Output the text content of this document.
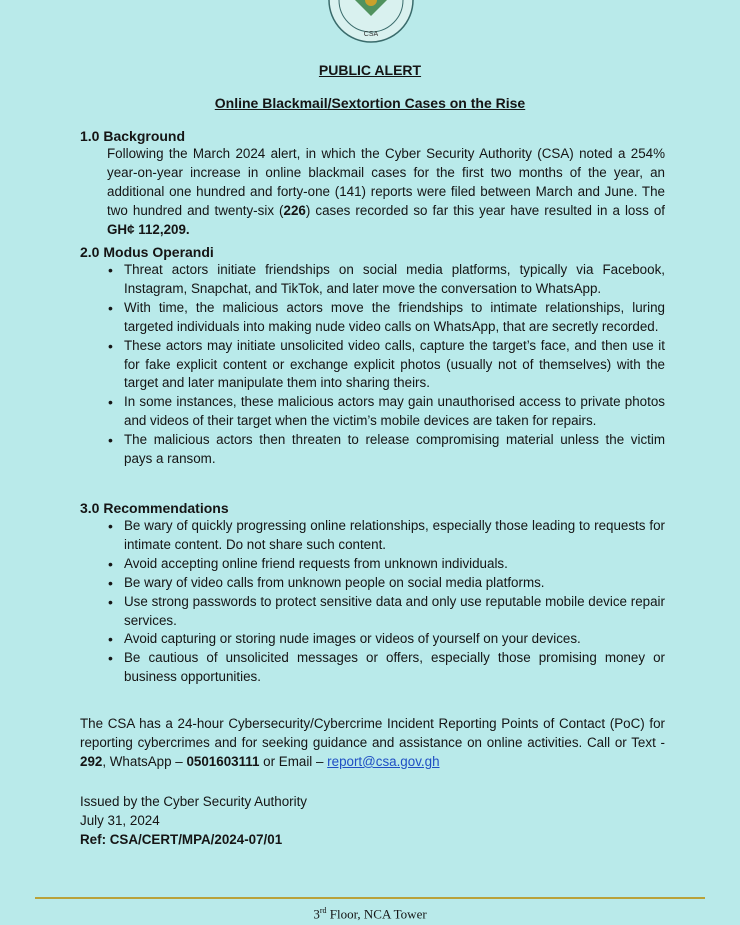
CSA
PUBLIC ALERT
Online Blackmail/Sextortion Cases on the Rise
1.0 Background

Following the March 2024 alert, in which the Cyber Security Authority (CSA) noted a 254% year-on-year increase in online blackmail cases for the first two months of the year, an additional one hundred and forty-one (141) reports were filed between March and June. The two hundred and twenty-six (226) cases recorded so far this year have resulted in a loss of GH¢ 112,209.

2.0 Modus Operandi
• Threat actors initiate friendships on social media platforms, typically via Facebook, Instagram, Snapchat, and TikTok, and later move the conversation to WhatsApp.
• With time, the malicious actors move the friendships to intimate relationships, luring targeted individuals into making nude video calls on WhatsApp, that are secretly recorded.
• These actors may initiate unsolicited video calls, capture the target’s face, and then use it for fake explicit content or exchange explicit photos (usually not of themselves) with the target and later manipulate them into sharing theirs.
• In some instances, these malicious actors may gain unauthorised access to private photos and videos of their target when the victim’s mobile devices are taken for repairs.
• The malicious actors then threaten to release compromising material unless the victim pays a ransom.
3.0 Recommendations
• Be wary of quickly progressing online relationships, especially those leading to requests for intimate content. Do not share such content.
• Avoid accepting online friend requests from unknown individuals.
• Be wary of video calls from unknown people on social media platforms.
• Use strong passwords to protect sensitive data and only use reputable mobile device repair services.
• Avoid capturing or storing nude images or videos of yourself on your devices.
• Be cautious of unsolicited messages or offers, especially those promising money or business opportunities.
The CSA has a 24-hour Cybersecurity/Cybercrime Incident Reporting Points of Contact (PoC) for reporting cybercrimes and for seeking guidance and assistance on online activities. Call or Text - 292, WhatsApp – 0501603111 or Email – report@csa.gov.gh
Issued by the Cyber Security Authority
July 31, 2024
Ref: CSA/CERT/MPA/2024-07/01
3rd Floor, NCA Tower
